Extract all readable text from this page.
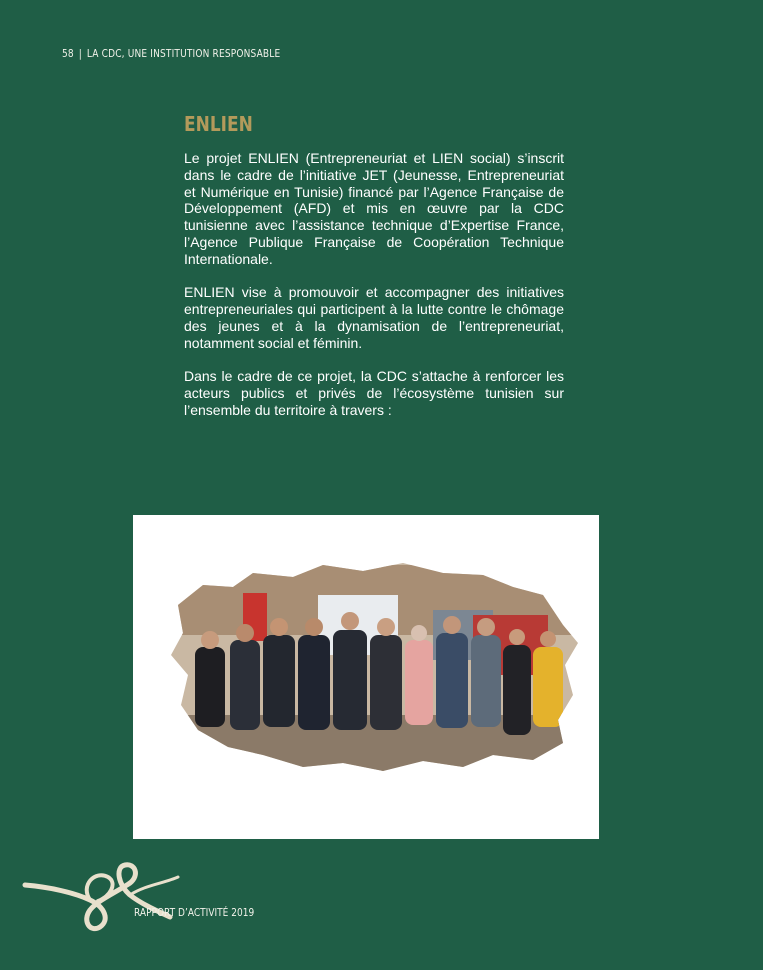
58 | LA CDC, UNE INSTITUTION RESPONSABLE
ENLIEN

Le projet ENLIEN (Entrepreneuriat et LIEN social) s’inscrit dans le cadre de l’initiative JET (Jeunesse, Entrepreneuriat et Numérique en Tunisie) financé par l’Agence Française de Développement (AFD) et mis en œuvre par la CDC tunisienne avec l’assistance technique d’Expertise France, l’Agence Publique Française de Coopération Technique Internationale.

ENLIEN vise à promouvoir et accompagner des initiatives entrepreneuriales qui participent à la lutte contre le chômage des jeunes et à la dynamisation de l’entrepreneuriat, notamment social et féminin.

Dans le cadre de ce projet, la CDC s’attache à renforcer les acteurs publics et privés de l’écosystème tunisien sur l’ensemble du territoire à travers :

RAPPORT D’ACTIVITÉ 2019
